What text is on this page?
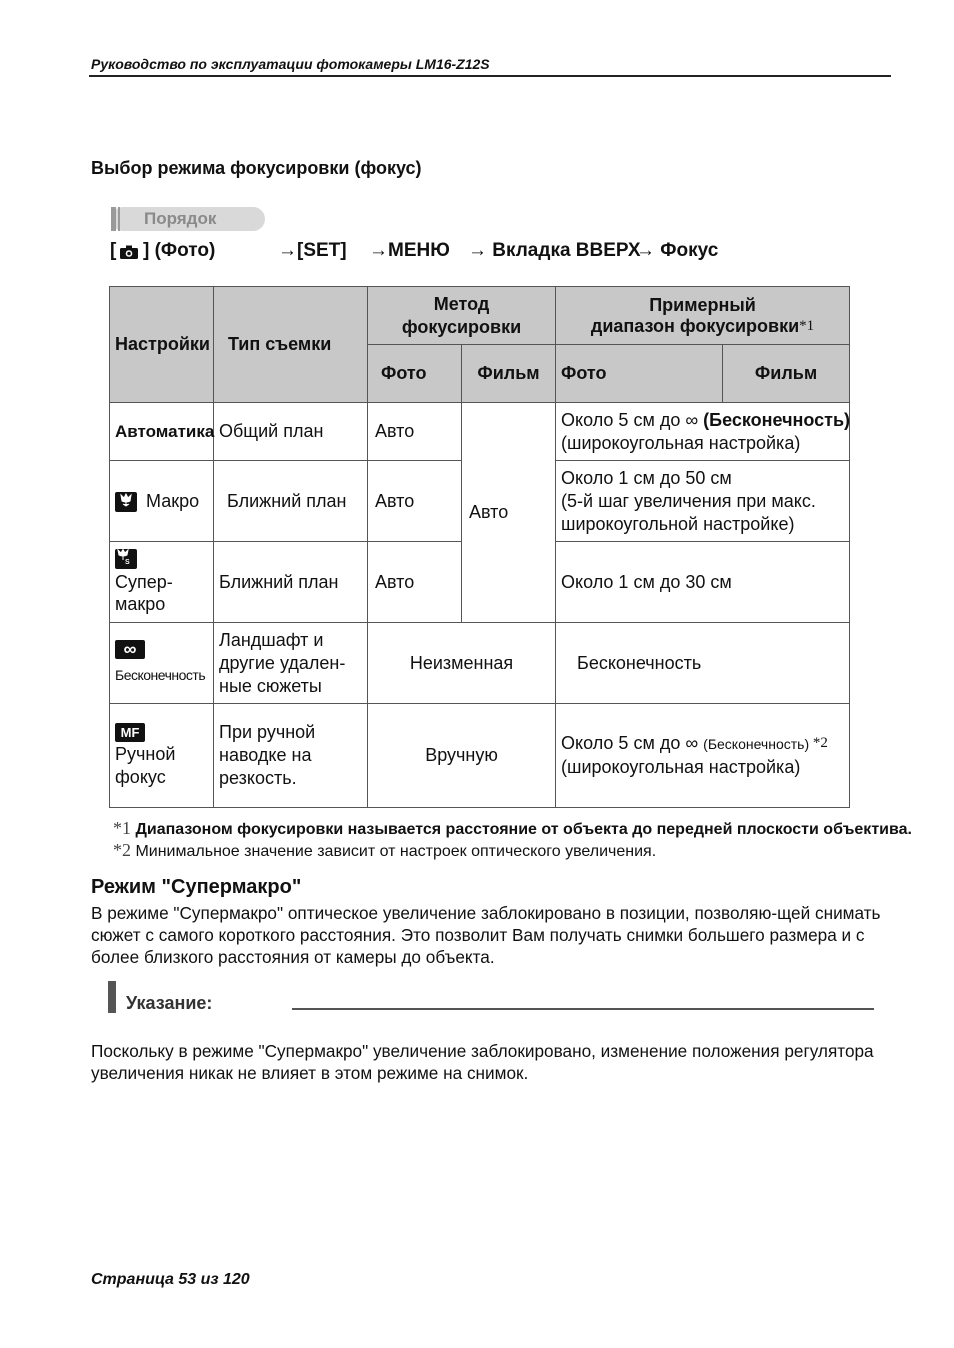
Руководство по эксплуатации фотокамеры LM16-Z12S
Выбор режима фокусировки (фокус)
Порядок
[ ] (Фото)	→[SET] →МЕНЮ → Вкладка ВВЕРХ
→ Фокус
Настройки	Тип съемки	Метод фокусировки		Примерный
диапазон фокусировки$^{*1}$
		Фото	Фильм	Фото	Фильм
Автоматика	Общий план	Авто	Авто	Около 5 см до ∞ (Бесконечность)
(широкоугольная настройка)	
Макро	Ближний план	Авто		Около 1 см до 50 см
(5-й шаг увеличения при макс. широкоугольной настройке)	

S
Супер-макро	Ближний план	Авто		Около 1 см до 30 см	

∞
Бесконечность	Ландшафт и другие удален-ные сюжеты	Неизменная		Бесконечность	

MF
Ручной фокус	При ручной наводке на резкость.	Вручную		Около 5 см до ∞ (Бесконечность) $^{*2}$
(широкоугольная настройка)	
*1 Диапазоном фокусировки называется расстояние от объекта до передней плоскости объектива.
*2 Минимальное значение зависит от настроек оптического увеличения.
Режим "Супермакро"
В режиме "Супермакро" оптическое увеличение заблокировано в позиции, позволяю-щей снимать сюжет с самого короткого расстояния. Это позволит Вам получать снимки большего размера и с более близкого расстояния от камеры до объекта.
Указание:
Поскольку в режиме "Супермакро" увеличение заблокировано, изменение положения регулятора увеличения никак не влияет в этом режиме на снимок.
Страница 53 из 120
